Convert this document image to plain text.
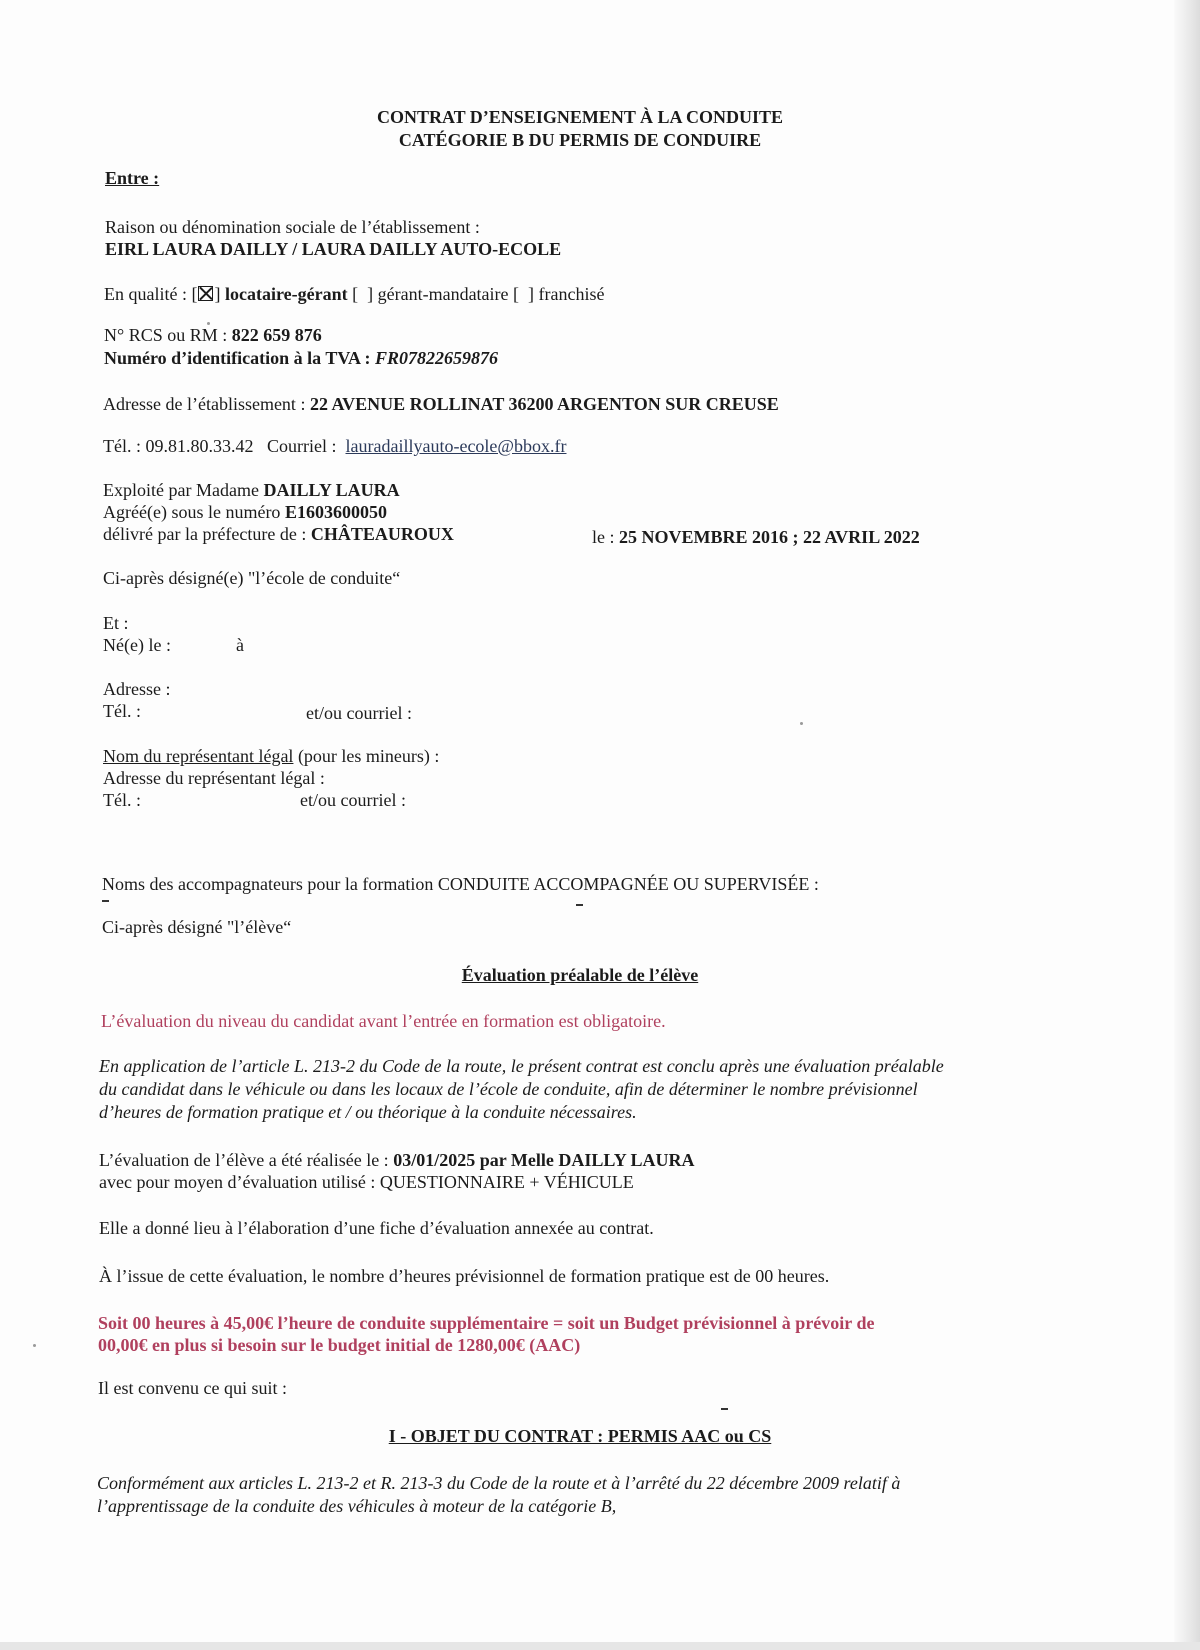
CONTRAT D’ENSEIGNEMENT À LA CONDUITE
CATÉGORIE B DU PERMIS DE CONDUIRE
Entre :
Raison ou dénomination sociale de l’établissement :
EIRL LAURA DAILLY / LAURA DAILLY AUTO-ECOLE
En qualité : [ ] locataire-gérant [  ] gérant-mandataire [  ] franchisé
N° RCS ou RM : 822 659 876
Numéro d’identification à la TVA : FR07822659876
Adresse de l’établissement : 22 AVENUE ROLLINAT 36200 ARGENTON SUR CREUSE
Tél. : 09.81.80.33.42 Courriel : lauradaillyauto-ecole@bbox.fr
Exploité par Madame DAILLY LAURA
Agréé(e) sous le numéro E1603600050
délivré par la préfecture de : CHÂTEAUROUX	le : 25 NOVEMBRE 2016 ; 22 AVRIL 2022
Ci-après désigné(e) "l’école de conduite“
Et :
Né(e) le :	à
Adresse :
Tél. :	et/ou courriel :
Nom du représentant légal (pour les mineurs) :
Adresse du représentant légal :
Tél. :	et/ou courriel :
Noms des accompagnateurs pour la formation CONDUITE ACCOMPAGNÉE OU SUPERVISÉE :
Ci-après désigné "l’élève“
Évaluation préalable de l’élève
L’évaluation du niveau du candidat avant l’entrée en formation est obligatoire.
En application de l’article L. 213-2 du Code de la route, le présent contrat est conclu après une évaluation préalable
du candidat dans le véhicule ou dans les locaux de l’école de conduite, afin de déterminer le nombre prévisionnel
d’heures de formation pratique et / ou théorique à la conduite nécessaires.
L’évaluation de l’élève a été réalisée le : 03/01/2025 par Melle DAILLY LAURA
avec pour moyen d’évaluation utilisé : QUESTIONNAIRE + VÉHICULE
Elle a donné lieu à l’élaboration d’une fiche d’évaluation annexée au contrat.
À l’issue de cette évaluation, le nombre d’heures prévisionnel de formation pratique est de 00 heures.
Soit 00 heures à 45,00€ l’heure de conduite supplémentaire = soit un Budget prévisionnel à prévoir de
00,00€ en plus si besoin sur le budget initial de 1280,00€ (AAC)
Il est convenu ce qui suit :
I - OBJET DU CONTRAT : PERMIS AAC ou CS
Conformément aux articles L. 213-2 et R. 213-3 du Code de la route et à l’arrêté du 22 décembre 2009 relatif à
l’apprentissage de la conduite des véhicules à moteur de la catégorie B,
